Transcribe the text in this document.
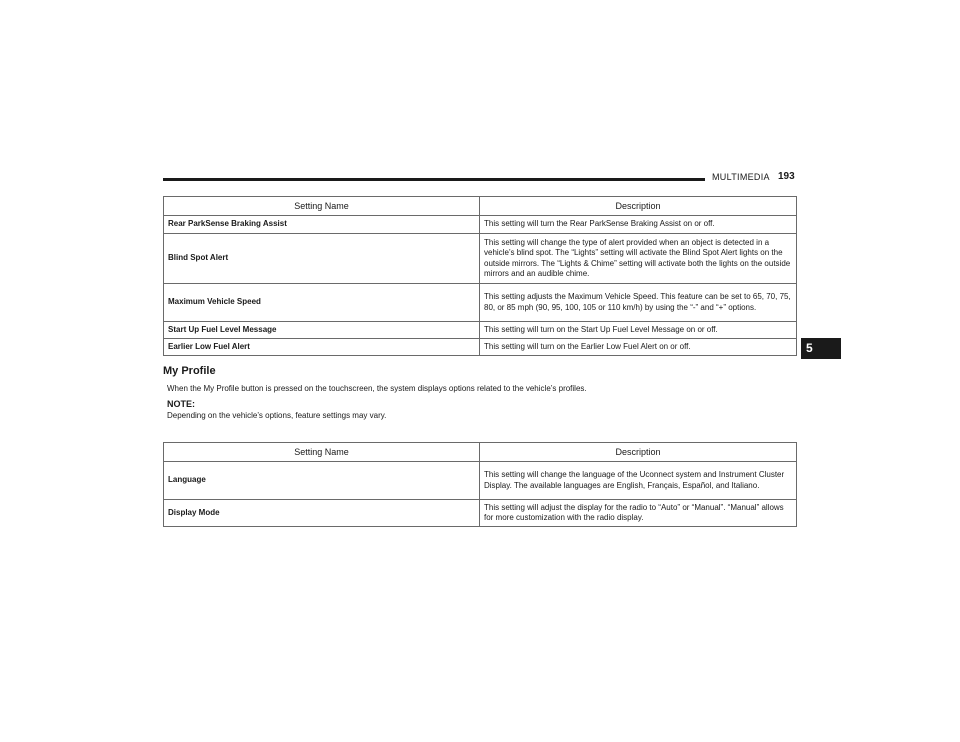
MULTIMEDIA 193
5
Setting Name	Description
Rear ParkSense Braking Assist	This setting will turn the Rear ParkSense Braking Assist on or off.
Blind Spot Alert	This setting will change the type of alert provided when an object is detected in a vehicle’s blind spot. The “Lights” setting will activate the Blind Spot Alert lights on the outside mirrors. The “Lights & Chime” setting will activate both the lights on the outside mirrors and an audible chime.
Maximum Vehicle Speed	This setting adjusts the Maximum Vehicle Speed. This feature can be set to 65, 70, 75, 80, or 85 mph (90, 95, 100, 105 or 110 km/h) by using the “-” and “+” options.
Start Up Fuel Level Message	This setting will turn on the Start Up Fuel Level Message on or off.
Earlier Low Fuel Alert	This setting will turn on the Earlier Low Fuel Alert on or off.
My Profile
When the My Profile button is pressed on the touchscreen, the system displays options related to the vehicle’s profiles.
NOTE:
Depending on the vehicle’s options, feature settings may vary.
Setting Name	Description
Language	This setting will change the language of the Uconnect system and Instrument Cluster Display. The available languages are English, Français, Español, and Italiano.
Display Mode	This setting will adjust the display for the radio to “Auto” or “Manual”. “Manual” allows for more customization with the radio display.
